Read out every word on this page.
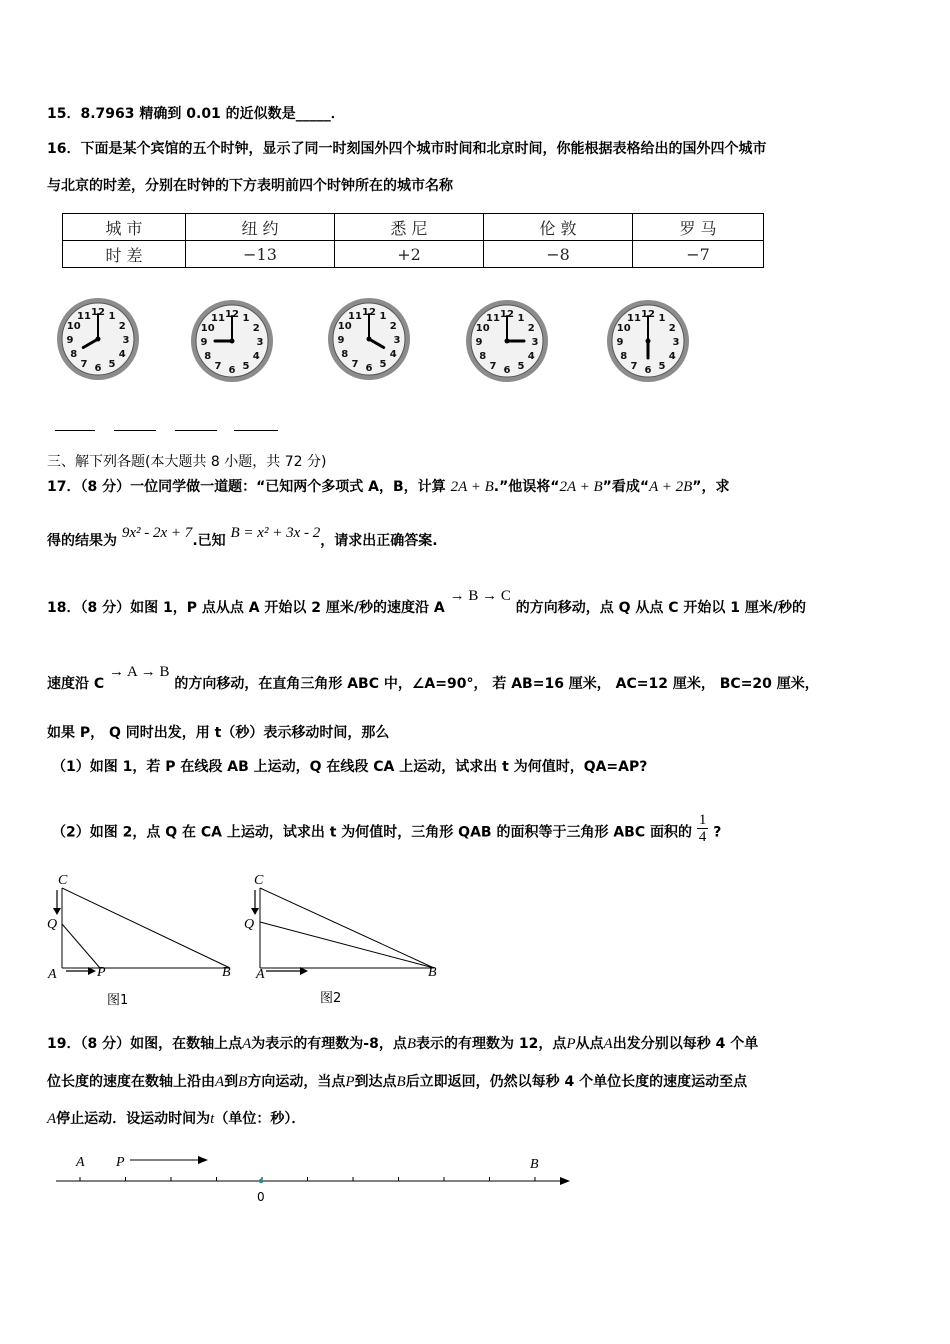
15．8.7963 精确到 0.01 的近似数是_____．
16．下面是某个宾馆的五个时钟，显示了同一时刻国外四个城市时间和北京时间，你能根据表格给出的国外四个城市
与北京的时差，分别在时钟的下方表明前四个时钟所在的城市名称
城 市	纽 约	悉 尼	伦 敦	罗 马
时 差	−13	+2	−8	−7
12 1
2
3
4
5
6
7
8
9
10
11	12 1
2
3
4
5
6
7
8
9
10
11
12 1
2
3
4
5
6
7
8
9
10
11	12 1
2
3
4
5
6
7
8
9
10
11	12 1
2
3
4
5
6
7
8
9
10
11
三、解下列各题(本大题共 8 小题，共 72 分)
17．（8 分）一位同学做一道题：“已知两个多项式 A，B，计算 2A + B.”他误将“2A + B”看成“A + 2B”，求
得的结果为 9x² - 2x + 7.已知 B = x² + 3x - 2，请求出正确答案.
18．（8 分）如图 1，P 点从点 A 开始以 2 厘米/秒的速度沿 A → B → C 的方向移动，点 Q 从点 C 开始以 1 厘米/秒的
速度沿 C → A → B 的方向移动，在直角三角形 ABC 中，∠A=90°， 若 AB=16 厘米， AC=12 厘米， BC=20 厘米，
如果 P， Q 同时出发，用 t（秒）表示移动时间，那么
（1）如图 1，若 P 在线段 AB 上运动，Q 在线段 CA 上运动，试求出 t 为何值时，QA=AP?
（2）如图 2，点 Q 在 CA 上运动，试求出 t 为何值时，三角形 QAB 的面积等于三角形 ABC 面积的 $\frac{1}{4}$ ?
C
Q
A	P	B
图1
C
Q
A	B
图2
19．（8 分）如图，在数轴上点A为表示的有理数为-8，点B表示的有理数为 12，点P从点A出发分别以每秒 4 个单
位长度的速度在数轴上沿由A到B方向运动，当点P到达点B后立即返回，仍然以每秒 4 个单位长度的速度运动至点
A停止运动．设运动时间为t（单位：秒）．
A P	B
0
